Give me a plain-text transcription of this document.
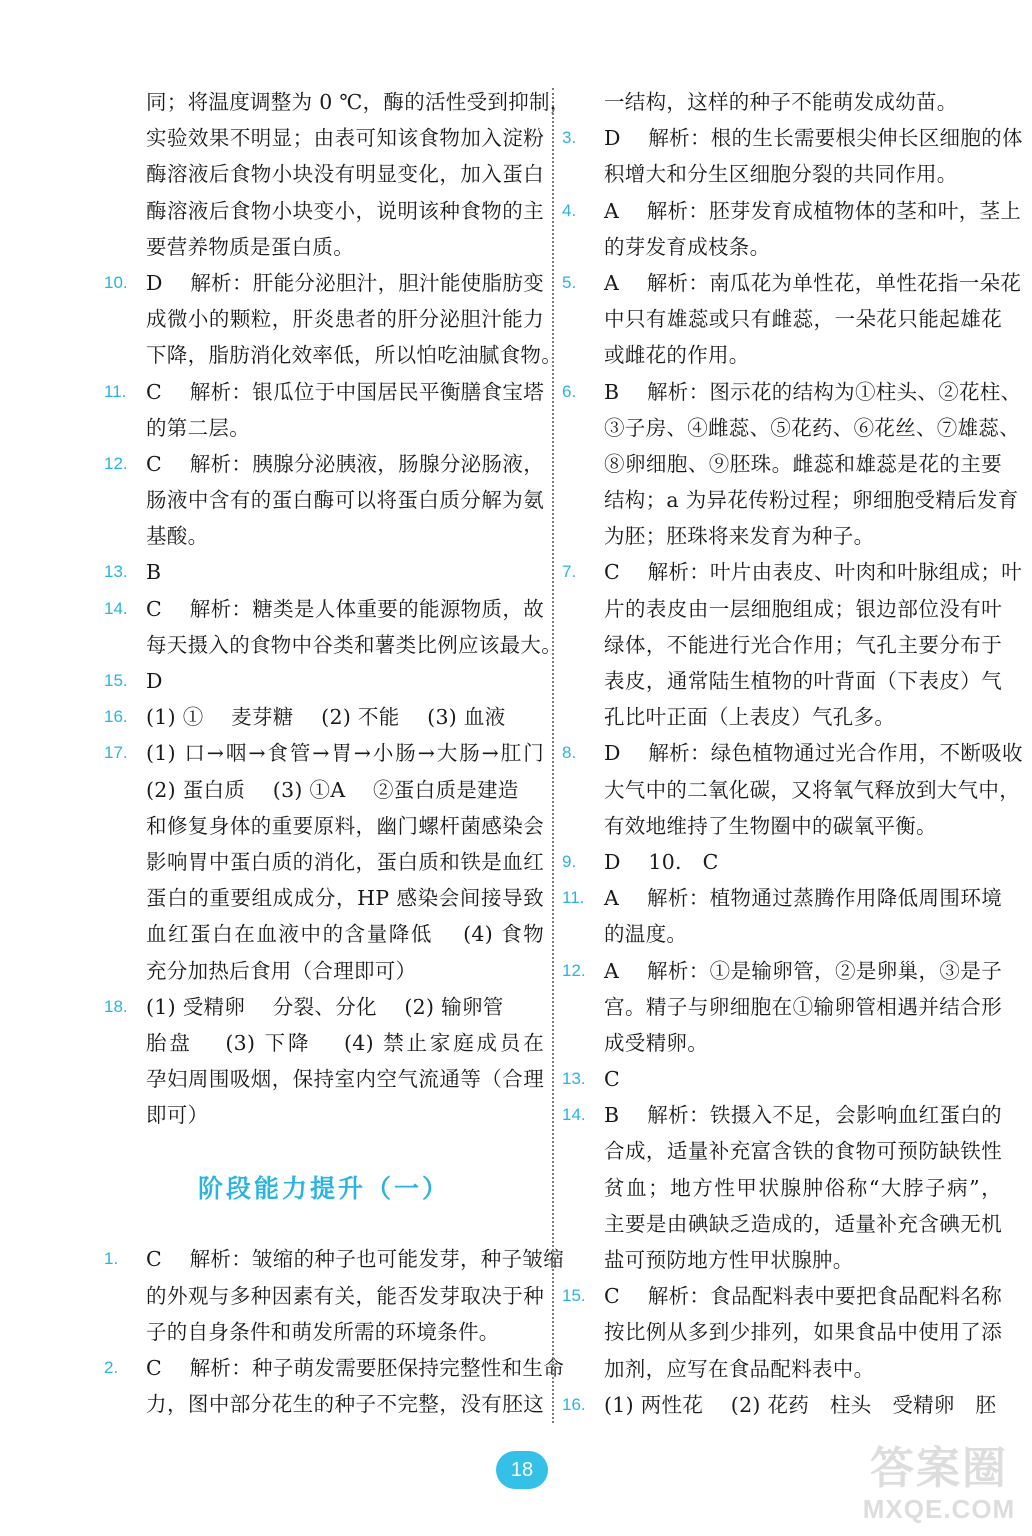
同；将温度调整为 0 ℃，酶的活性受到抑制，
实验效果不明显；由表可知该食物加入淀粉
酶溶液后食物小块没有明显变化，加入蛋白
酶溶液后食物小块变小，说明该种食物的主
要营养物质是蛋白质。
10. D　 解析：肝能分泌胆汁，胆汁能使脂肪变
成微小的颗粒，肝炎患者的肝分泌胆汁能力
下降，脂肪消化效率低，所以怕吃油腻食物。
11. C　 解析：银瓜位于中国居民平衡膳食宝塔
的第二层。
12. C　 解析：胰腺分泌胰液，肠腺分泌肠液，
肠液中含有的蛋白酶可以将蛋白质分解为氨
基酸。
13. B
14. C　 解析：糖类是人体重要的能源物质，故
每天摄入的食物中谷类和薯类比例应该最大。
15. D
16. (1) ①　 麦芽糖　 (2) 不能　 (3) 血液
17. (1) 口→咽→食管→胃→小肠→大肠→肛门
(2) 蛋白质　 (3) ①A　 ②蛋白质是建造
和修复身体的重要原料，幽门螺杆菌感染会
影响胃中蛋白质的消化，蛋白质和铁是血红
蛋白的重要组成成分，HP 感染会间接导致
血红蛋白在血液中的含量降低　 (4) 食物
充分加热后食用（合理即可）
18. (1) 受精卵　 分裂、分化　 (2) 输卵管
胎盘　 (3) 下降　 (4) 禁止家庭成员在
孕妇周围吸烟，保持室内空气流通等（合理
即可）
阶段能力提升（一）
1. C　 解析：皱缩的种子也可能发芽，种子皱缩
的外观与多种因素有关，能否发芽取决于种
子的自身条件和萌发所需的环境条件。
2. C　 解析：种子萌发需要胚保持完整性和生命
力，图中部分花生的种子不完整，没有胚这
一结构，这样的种子不能萌发成幼苗。
3. D　 解析：根的生长需要根尖伸长区细胞的体
积增大和分生区细胞分裂的共同作用。
4. A　 解析：胚芽发育成植物体的茎和叶，茎上
的芽发育成枝条。
5. A　 解析：南瓜花为单性花，单性花指一朵花
中只有雄蕊或只有雌蕊，一朵花只能起雄花
或雌花的作用。
6. B　 解析：图示花的结构为①柱头、②花柱、
③子房、④雌蕊、⑤花药、⑥花丝、⑦雄蕊、
⑧卵细胞、⑨胚珠。雌蕊和雄蕊是花的主要
结构；a 为异花传粉过程；卵细胞受精后发育
为胚；胚珠将来发育为种子。
7. C　 解析：叶片由表皮、叶肉和叶脉组成；叶
片的表皮由一层细胞组成；银边部位没有叶
绿体，不能进行光合作用；气孔主要分布于
表皮，通常陆生植物的叶背面（下表皮）气
孔比叶正面（上表皮）气孔多。
8. D　 解析：绿色植物通过光合作用，不断吸收
大气中的二氧化碳，又将氧气释放到大气中，
有效地维持了生物圈中的碳氧平衡。
9. D　 10.　C
11. A　 解析：植物通过蒸腾作用降低周围环境
的温度。
12. A　 解析：①是输卵管，②是卵巢，③是子
宫。精子与卵细胞在①输卵管相遇并结合形
成受精卵。
13. C
14. B　 解析：铁摄入不足，会影响血红蛋白的
合成，适量补充富含铁的食物可预防缺铁性
贫血；地方性甲状腺肿俗称“大脖子病”，
主要是由碘缺乏造成的，适量补充含碘无机
盐可预防地方性甲状腺肿。
15. C　 解析：食品配料表中要把食品配料名称
按比例从多到少排列，如果食品中使用了添
加剂，应写在食品配料表中。
16. (1) 两性花　 (2) 花药　柱头　受精卵　胚
18	答案圈
MXQE.COM
